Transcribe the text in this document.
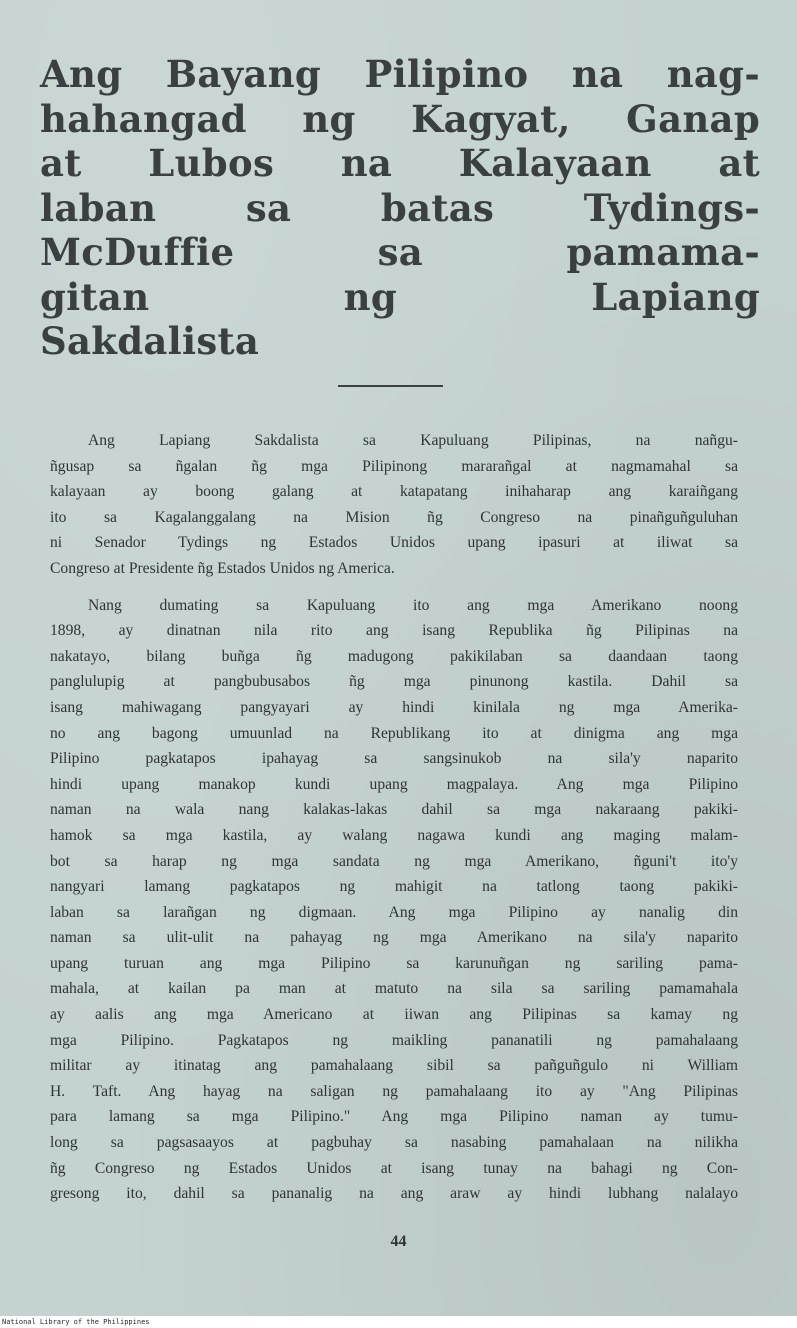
Ang Bayang Pilipino na nag-
hahangad ng Kagyat, Ganap
at Lubos na Kalayaan at
laban sa batas Tydings-
McDuffie sa pamama-
gitan ng Lapiang
Sakdalista

Ang Lapiang Sakdalista sa Kapuluang Pilipinas, na nañgu-
ñgusap sa ñgalan ñg mga Pilipinong mararañgal at nagmamahal sa
kalayaan ay boong galang at katapatang inihaharap ang karaiñgang
ito sa Kagalanggalang na Mision ñg Congreso na pinañguñguluhan
ni Senador Tydings ng Estados Unidos upang ipasuri at iliwat sa
Congreso at Presidente ñg Estados Unidos ng America.

Nang dumating sa Kapuluang ito ang mga Amerikano noong
1898, ay dinatnan nila rito ang isang Republika ñg Pilipinas na
nakatayo, bilang buñga ñg madugong pakikilaban sa daandaan taong
panglulupig at pangbubusabos ñg mga pinunong kastila. Dahil sa
isang mahiwagang pangyayari ay hindi kinilala ng mga Amerika-
no ang bagong umuunlad na Republikang ito at dinigma ang mga
Pilipino pagkatapos ipahayag sa sangsinukob na sila'y naparito
hindi upang manakop kundi upang magpalaya. Ang mga Pilipino
naman na wala nang kalakas-lakas dahil sa mga nakaraang pakiki-
hamok sa mga kastila, ay walang nagawa kundi ang maging malam-
bot sa harap ng mga sandata ng mga Amerikano, ñguni't ito'y
nangyari lamang pagkatapos ng mahigit na tatlong taong pakiki-
laban sa larañgan ng digmaan. Ang mga Pilipino ay nanalig din
naman sa ulit-ulit na pahayag ng mga Amerikano na sila'y naparito
upang turuan ang mga Pilipino sa karunuñgan ng sariling pama-
mahala, at kailan pa man at matuto na sila sa sariling pamamahala
ay aalis ang mga Americano at iiwan ang Pilipinas sa kamay ng
mga Pilipino. Pagkatapos ng maikling pananatili ng pamahalaang
militar ay itinatag ang pamahalaang sibil sa pañguñgulo ni William
H. Taft. Ang hayag na saligan ng pamahalaang ito ay "Ang Pilipinas
para lamang sa mga Pilipino." Ang mga Pilipino naman ay tumu-
long sa pagsasaayos at pagbuhay sa nasabing pamahalaan na nilikha
ñg Congreso ng Estados Unidos at isang tunay na bahagi ng Con-
gresong ito, dahil sa pananalig na ang araw ay hindi lubhang nalalayo

44
National Library of the Philippines
